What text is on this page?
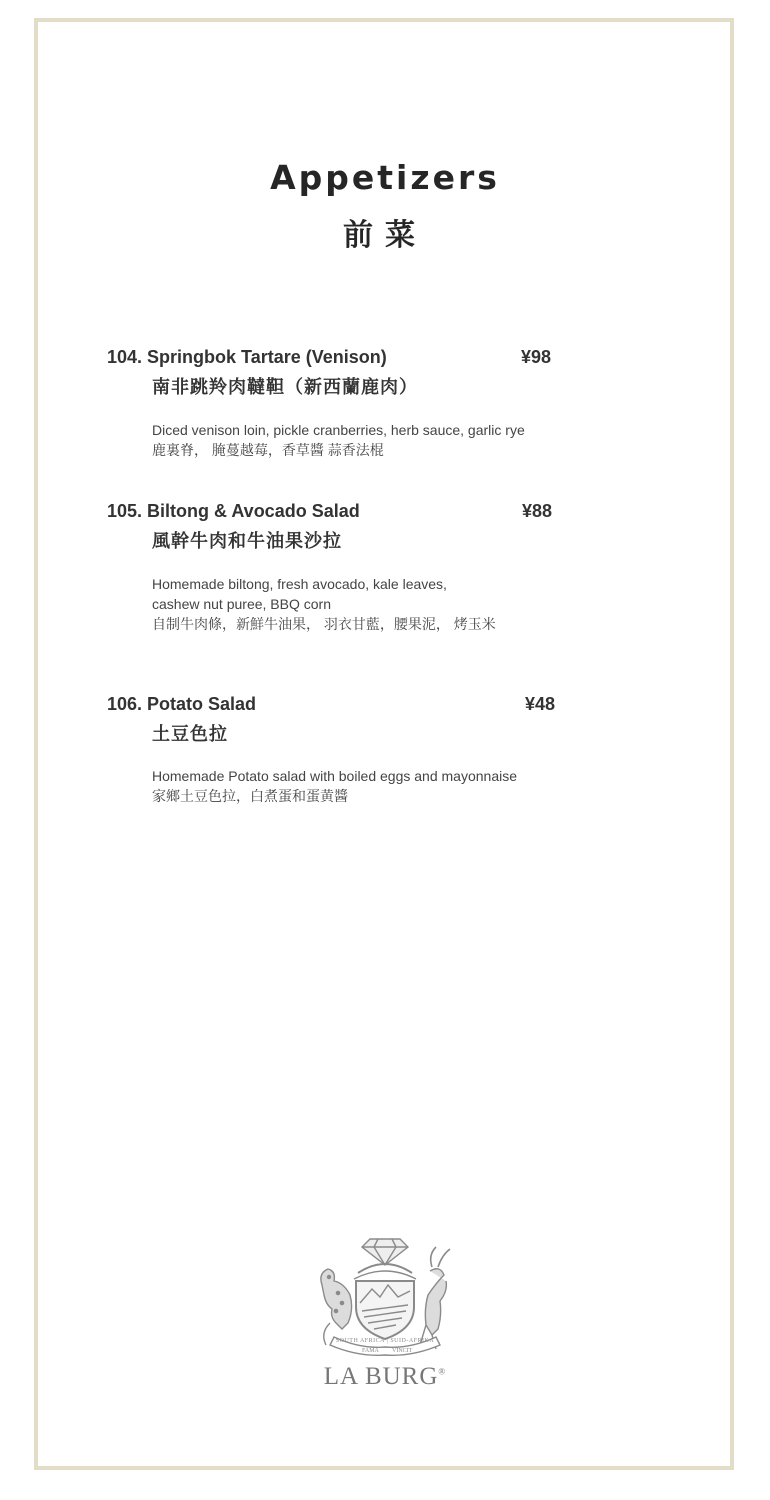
Appetizers
前菜
104. Springbok Tartare (Venison)	¥98
南非跳羚肉韃靼（新西蘭鹿肉）
Diced venison loin, pickle cranberries, herb sauce, garlic rye
鹿裏脊， 腌蔓越莓，香草醬 蒜香法棍
105. Biltong & Avocado Salad	¥88
風幹牛肉和牛油果沙拉
Homemade biltong, fresh avocado, kale leaves,
cashew nut puree, BBQ corn
自制牛肉條，新鮮牛油果， 羽衣甘藍，腰果泥， 烤玉米
106. Potato Salad	¥48
土豆色拉
Homemade Potato salad with boiled eggs and mayonnaise
家鄉土豆色拉，白煮蛋和蛋黄醬
FAMA VINCIT
SOUTH AFRICA | SUID-AFRIKA
LA BURG®
